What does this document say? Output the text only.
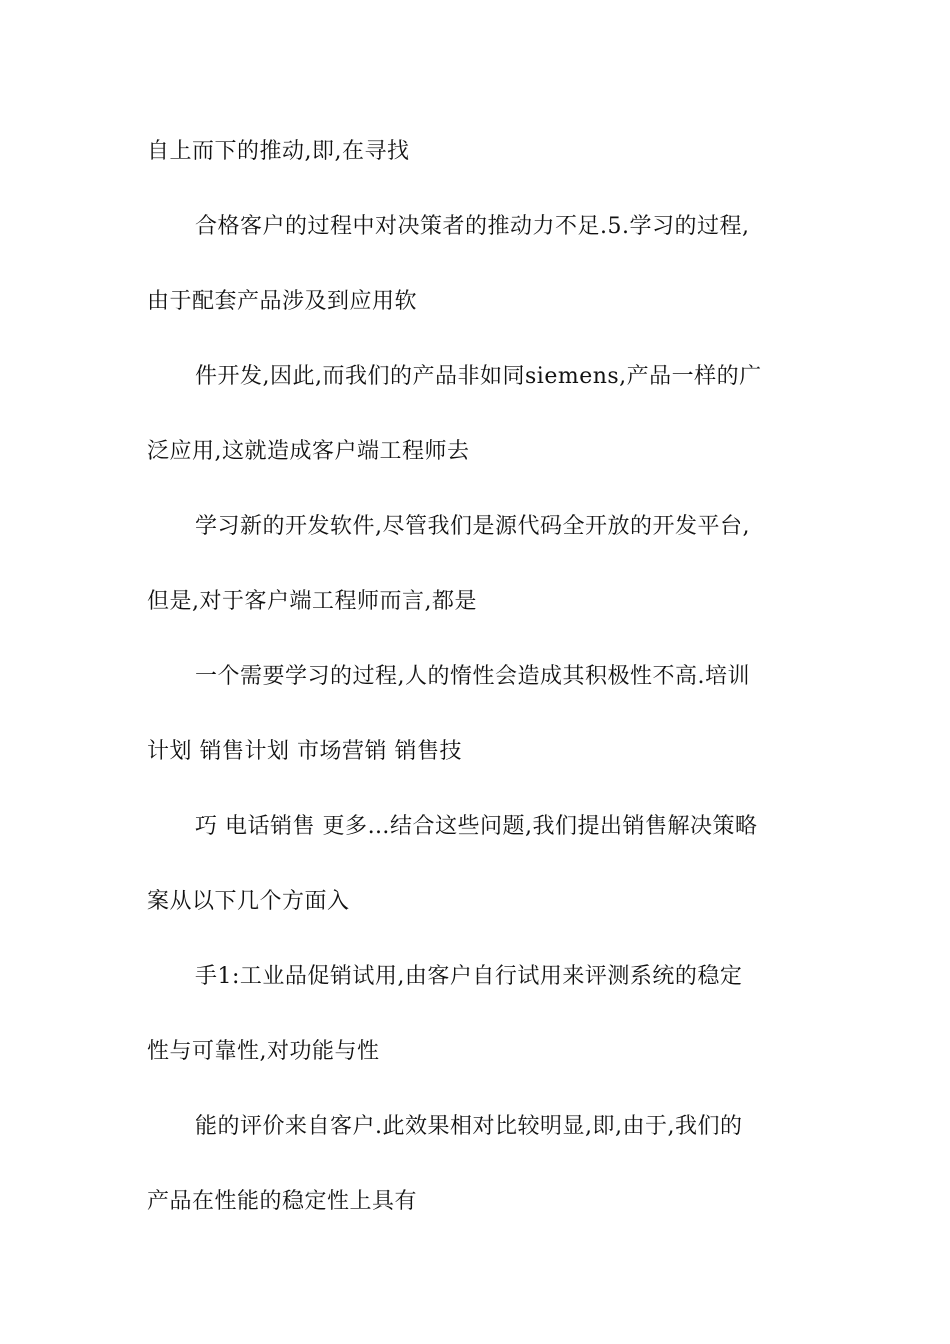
自上而下的推动,即,在寻找
合格客户的过程中对决策者的推动力不足.5.学习的过程,
由于配套产品涉及到应用软
件开发,因此,而我们的产品非如同siemens,产品一样的广
泛应用,这就造成客户端工程师去
学习新的开发软件,尽管我们是源代码全开放的开发平台,
但是,对于客户端工程师而言,都是
一个需要学习的过程,人的惰性会造成其积极性不高.培训
计划 销售计划 市场营销 销售技
巧 电话销售 更多…结合这些问题,我们提出销售解决策略
案从以下几个方面入
手1:工业品促销试用,由客户自行试用来评测系统的稳定
性与可靠性,对功能与性
能的评价来自客户.此效果相对比较明显,即,由于,我们的
产品在性能的稳定性上具有
